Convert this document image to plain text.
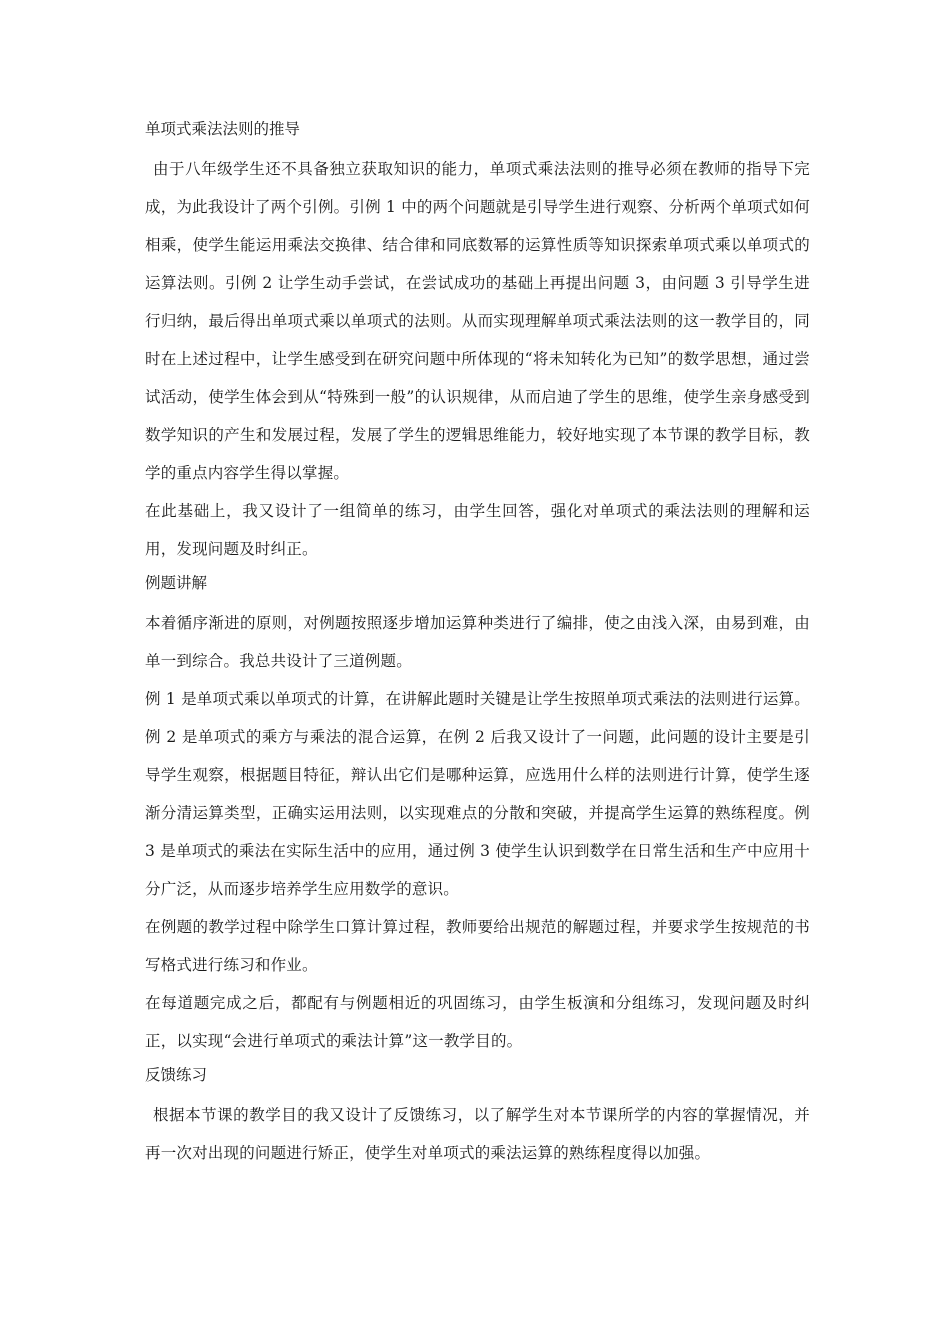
单项式乘法法则的推导

由于八年级学生还不具备独立获取知识的能力，单项式乘法法则的推导必须在教师的指导下完成，为此我设计了两个引例。引例 1 中的两个问题就是引导学生进行观察、分析两个单项式如何相乘，使学生能运用乘法交换律、结合律和同底数幂的运算性质等知识探索单项式乘以单项式的运算法则。引例 2 让学生动手尝试，在尝试成功的基础上再提出问题 3，由问题 3 引导学生进行归纳，最后得出单项式乘以单项式的法则。从而实现理解单项式乘法法则的这一教学目的，同时在上述过程中，让学生感受到在研究问题中所体现的“将未知转化为已知”的数学思想，通过尝试活动，使学生体会到从“特殊到一般”的认识规律，从而启迪了学生的思维，使学生亲身感受到数学知识的产生和发展过程，发展了学生的逻辑思维能力，较好地实现了本节课的教学目标，教学的重点内容学生得以掌握。

在此基础上，我又设计了一组简单的练习，由学生回答，强化对单项式的乘法法则的理解和运用，发现问题及时纠正。

例题讲解

本着循序渐进的原则，对例题按照逐步增加运算种类进行了编排，使之由浅入深，由易到难，由单一到综合。我总共设计了三道例题。

例 1 是单项式乘以单项式的计算，在讲解此题时关键是让学生按照单项式乘法的法则进行运算。例 2 是单项式的乘方与乘法的混合运算，在例 2 后我又设计了一问题，此问题的设计主要是引导学生观察，根据题目特征，辩认出它们是哪种运算，应选用什么样的法则进行计算，使学生逐渐分清运算类型，正确实运用法则，以实现难点的分散和突破，并提高学生运算的熟练程度。例 3 是单项式的乘法在实际生活中的应用，通过例 3 使学生认识到数学在日常生活和生产中应用十分广泛，从而逐步培养学生应用数学的意识。

在例题的教学过程中除学生口算计算过程，教师要给出规范的解题过程，并要求学生按规范的书写格式进行练习和作业。

在每道题完成之后，都配有与例题相近的巩固练习，由学生板演和分组练习，发现问题及时纠正，以实现“会进行单项式的乘法计算”这一教学目的。

反馈练习

根据本节课的教学目的我又设计了反馈练习，以了解学生对本节课所学的内容的掌握情况，并再一次对出现的问题进行矫正，使学生对单项式的乘法运算的熟练程度得以加强。
